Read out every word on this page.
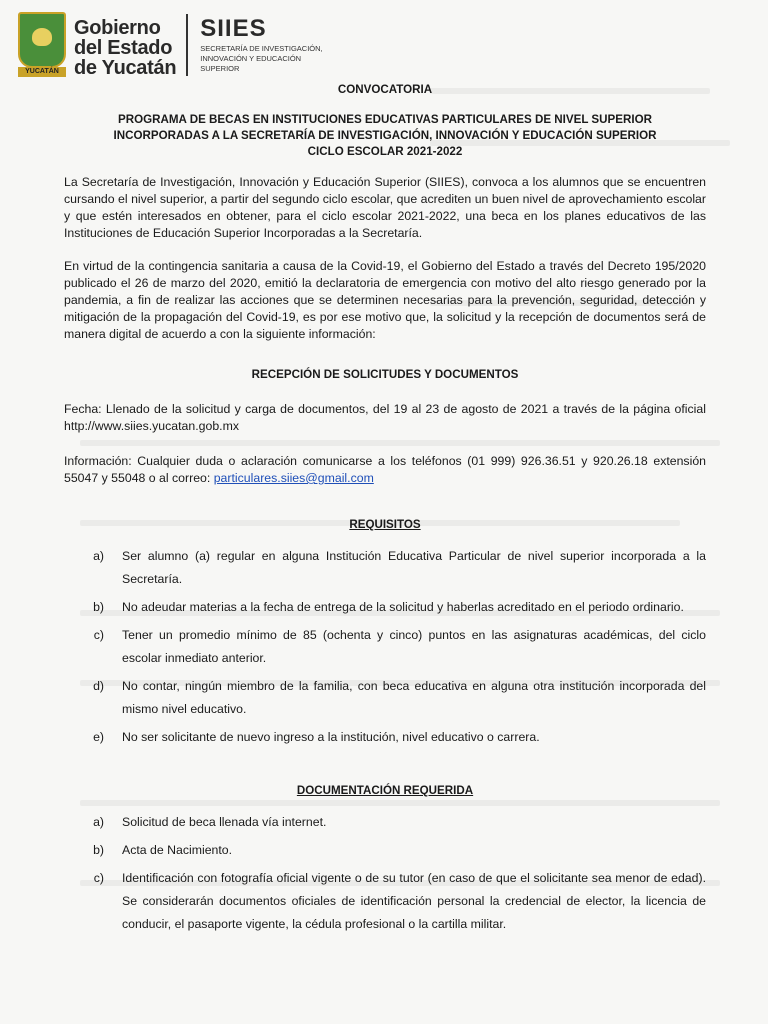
YUCATÁN
Gobierno
del Estado
de Yucatán
SIIES
SECRETARÍA DE INVESTIGACIÓN,
INNOVACIÓN Y EDUCACIÓN
SUPERIOR
CONVOCATORIA
PROGRAMA DE BECAS EN INSTITUCIONES EDUCATIVAS PARTICULARES DE NIVEL SUPERIOR
INCORPORADAS A LA SECRETARÍA DE INVESTIGACIÓN, INNOVACIÓN Y EDUCACIÓN SUPERIOR
CICLO ESCOLAR 2021-2022

La Secretaría de Investigación, Innovación y Educación Superior (SIIES), convoca a los alumnos que se encuentren cursando el nivel superior, a partir del segundo ciclo escolar, que acrediten un buen nivel de aprovechamiento escolar y que estén interesados en obtener, para el ciclo escolar 2021-2022, una beca en los planes educativos de las Instituciones de Educación Superior Incorporadas a la Secretaría.

En virtud de la contingencia sanitaria a causa de la Covid-19, el Gobierno del Estado a través del Decreto 195/2020 publicado el 26 de marzo del 2020, emitió la declaratoria de emergencia con motivo del alto riesgo generado por la pandemia, a fin de realizar las acciones que se determinen necesarias para la prevención, seguridad, detección y mitigación de la propagación del Covid-19, es por ese motivo que, la solicitud y la recepción de documentos será de manera digital de acuerdo a con la siguiente información:

RECEPCIÓN DE SOLICITUDES Y DOCUMENTOS

Fecha: Llenado de la solicitud y carga de documentos, del 19 al 23 de agosto de 2021 a través de la página oficial http://www.siies.yucatan.gob.mx

Información: Cualquier duda o aclaración comunicarse a los teléfonos (01 999) 926.36.51 y 920.26.18 extensión 55047 y 55048 o al correo: particulares.siies@gmail.com

REQUISITOS
a)	Ser alumno (a) regular en alguna Institución Educativa Particular de nivel superior incorporada a la Secretaría.
b)	No adeudar materias a la fecha de entrega de la solicitud y haberlas acreditado en el periodo ordinario.
c)	Tener un promedio mínimo de 85 (ochenta y cinco) puntos en las asignaturas académicas, del ciclo escolar inmediato anterior.
d)	No contar, ningún miembro de la familia, con beca educativa en alguna otra institución incorporada del mismo nivel educativo.
e)	No ser solicitante de nuevo ingreso a la institución, nivel educativo o carrera.
DOCUMENTACIÓN REQUERIDA
a)	Solicitud de beca llenada vía internet.
b)	Acta de Nacimiento.
c)	Identificación con fotografía oficial vigente o de su tutor (en caso de que el solicitante sea menor de edad). Se considerarán documentos oficiales de identificación personal la credencial de elector, la licencia de conducir, el pasaporte vigente, la cédula profesional o la cartilla militar.
